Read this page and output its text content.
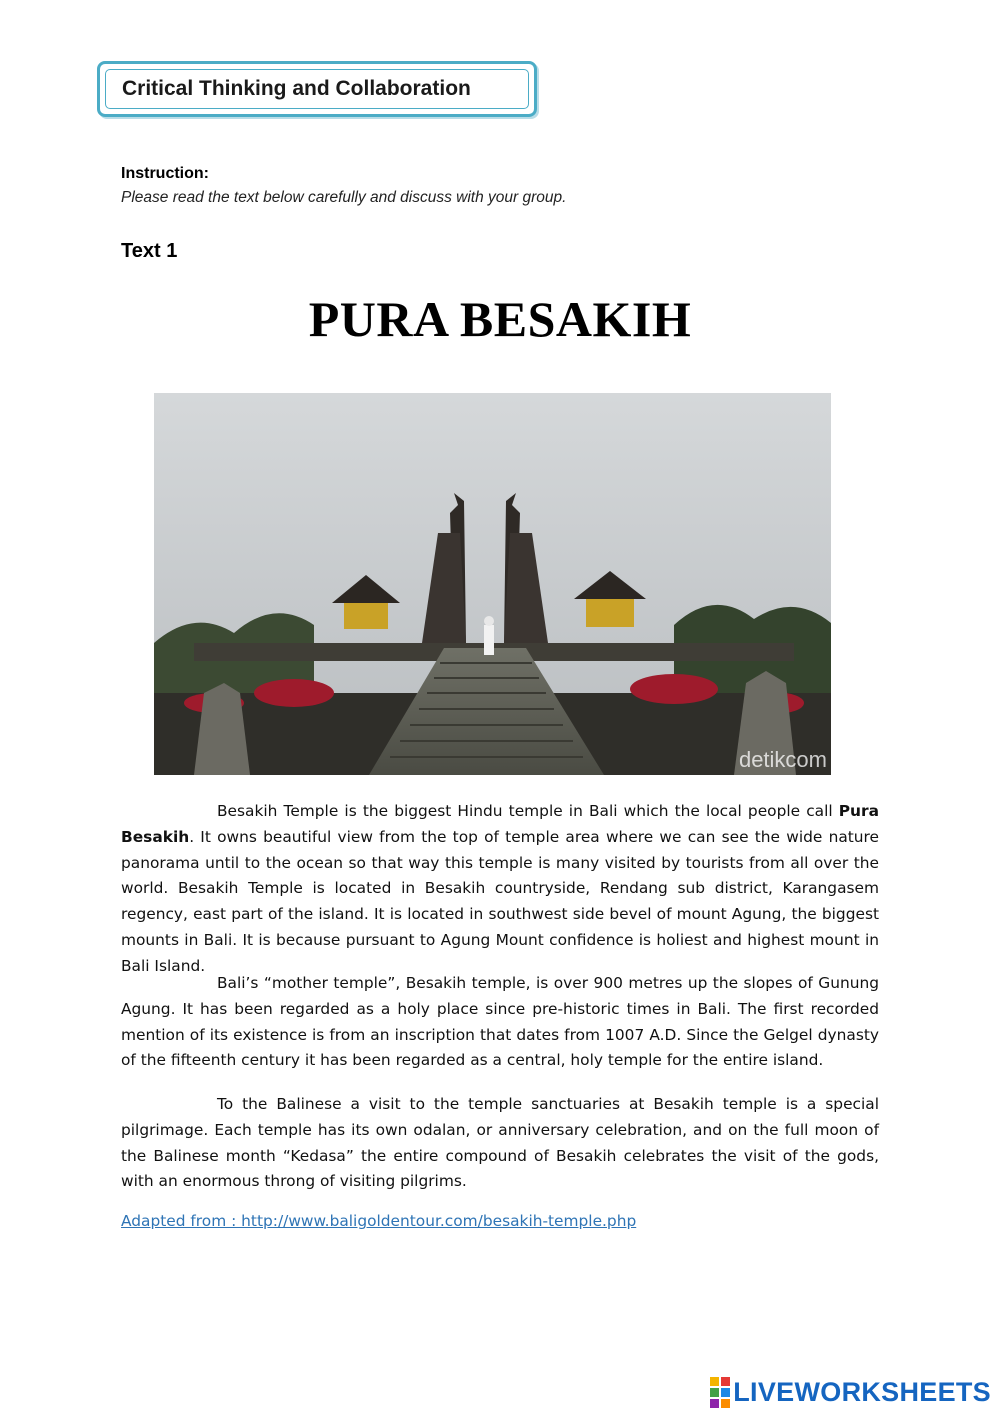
Critical Thinking and Collaboration
Instruction:
Please read the text below carefully and discuss with your group.
Text 1
PURA BESAKIH
detikcom
Besakih Temple is the biggest Hindu temple in Bali which the local people call Pura Besakih. It owns beautiful view from the top of temple area where we can see the wide nature panorama until to the ocean so that way this temple is many visited by tourists from all over the world. Besakih Temple is located in Besakih countryside, Rendang sub district, Karangasem regency, east part of the island. It is located in southwest side bevel of mount Agung, the biggest mounts in Bali. It is because pursuant to Agung Mount confidence is holiest and highest mount in Bali Island.
Bali’s “mother temple”, Besakih temple, is over 900 metres up the slopes of Gunung Agung. It has been regarded as a holy place since pre-historic times in Bali. The first recorded mention of its existence is from an inscription that dates from 1007 A.D. Since the Gelgel dynasty of the fifteenth century it has been regarded as a central, holy temple for the entire island.
To the Balinese a visit to the temple sanctuaries at Besakih temple is a special pilgrimage. Each temple has its own odalan, or anniversary celebration, and on the full moon of the Balinese month “Kedasa” the entire compound of Besakih celebrates the visit of the gods, with an enormous throng of visiting pilgrims.
Adapted from : http://www.baligoldentour.com/besakih-temple.php
LIVEWORKSHEETS
